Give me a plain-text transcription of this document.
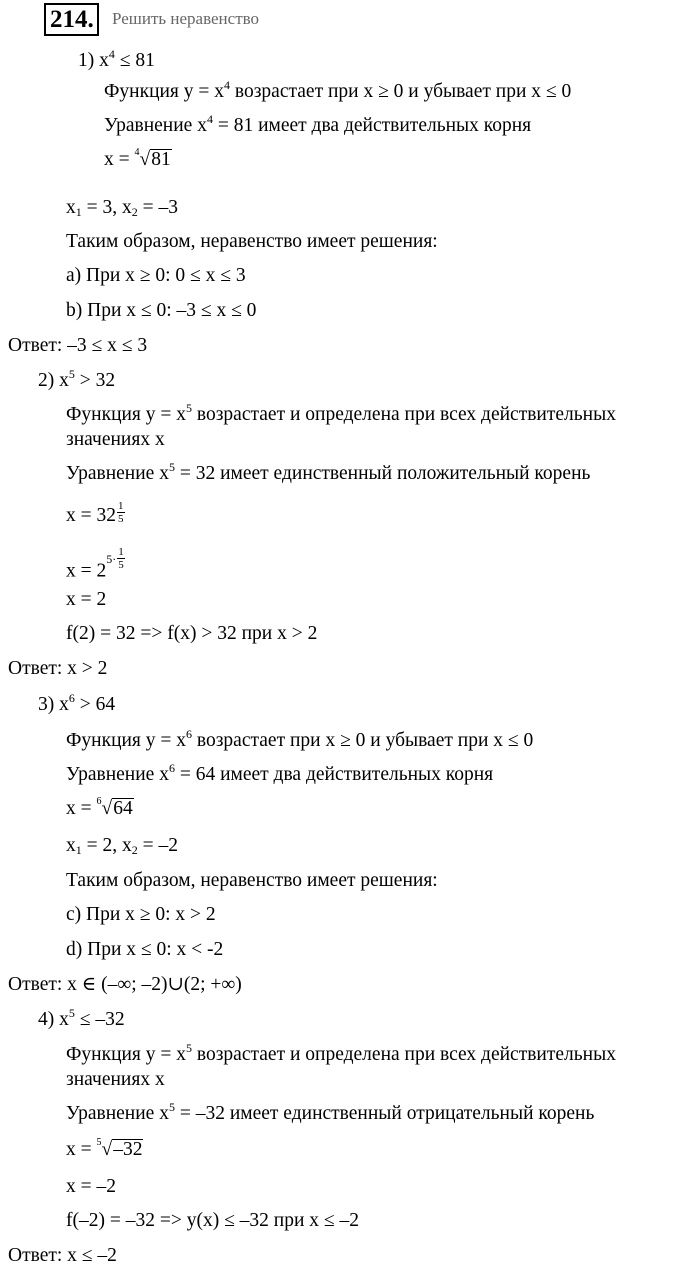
214. Решить неравенство
1) $x^4 \le 81$
Функция $y = x^4$ возрастает при x ≥ 0 и убывает при x ≤ 0
Уравнение $x^4 = 81$ имеет два действительных корня
x = 4√81
$x_1 = 3$, $x_2 = -3$
Таким образом, неравенство имеет решения:
a) При x ≥ 0: 0 ≤ x ≤ 3
b) При x ≤ 0: –3 ≤ x ≤ 0
Ответ: –3 ≤ x ≤ 3
2) $x^5 > 32$
Функция $y = x^5$ возрастает и определена при всех действительных
значениях x
Уравнение $x^5 = 32$ имеет единственный положительный корень
$x = 32 \frac{1}{5}$
x = 2
$5\cdot \frac{1}{5}$
x = 2
f(2) = 32 => f(x) > 32 при x > 2
Ответ: x > 2
3) $x^6 > 64$
Функция $y = x^6$ возрастает при x ≥ 0 и убывает при x ≤ 0
Уравнение $x^6 = 64$ имеет два действительных корня
x = 6√64
$x_1 = 2$, $x_2 = -2$
Таким образом, неравенство имеет решения:
c) При x ≥ 0: x > 2
d) При x ≤ 0: x < -2
Ответ: x ∈ (–∞; –2)∪(2; +∞)
4) $x^5 \le -32$
Функция $y = x^5$ возрастает и определена при всех действительных
значениях x
Уравнение $x^5 = -32$ имеет единственный отрицательный корень
x = 5√–32
x = –2
f(–2) = –32 => y(x) ≤ –32 при x ≤ –2
Ответ: x ≤ –2
